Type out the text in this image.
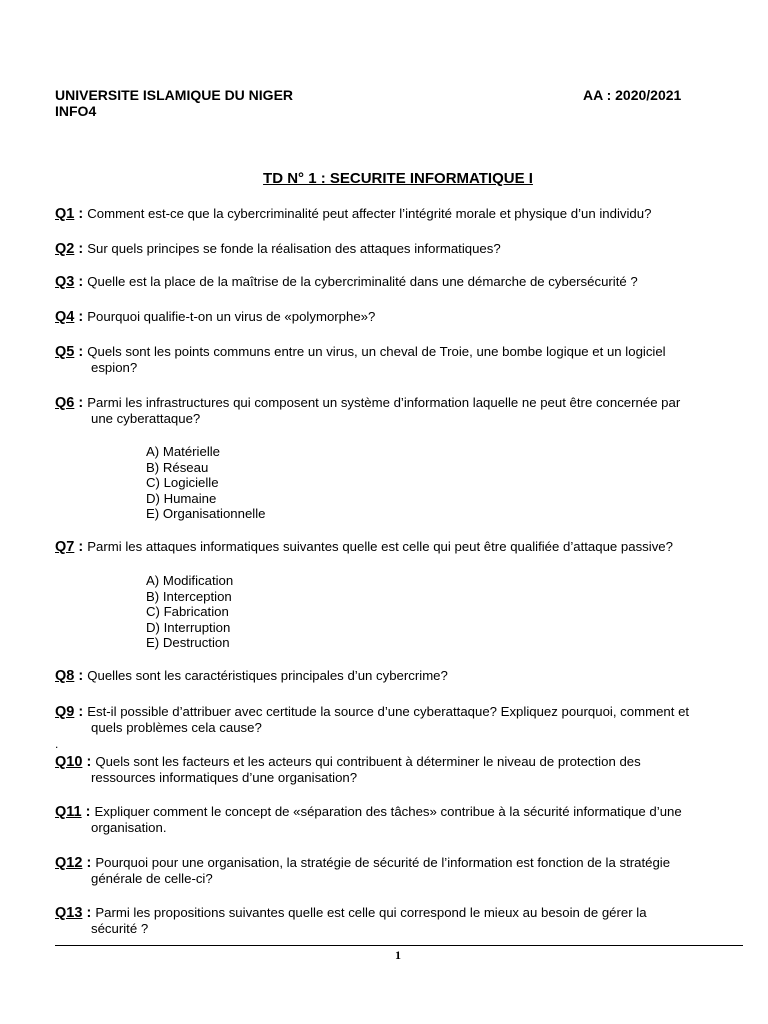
UNIVERSITE ISLAMIQUE DU NIGER
INFO4
AA : 2020/2021
TD N° 1 : SECURITE INFORMATIQUE I
Q1 : Comment est-ce que la cybercriminalité peut affecter l’intégrité morale et physique d’un individu?
Q2 : Sur quels principes se fonde la réalisation des attaques informatiques?
Q3 : Quelle est la place de la maîtrise de la cybercriminalité dans une démarche de cybersécurité ?
Q4 : Pourquoi qualifie-t-on un virus de «polymorphe»?
Q5 : Quels sont les points communs entre un virus, un cheval de Troie, une bombe logique et un logiciel
espion?
Q6 : Parmi les infrastructures qui composent un système d’information laquelle ne peut être concernée par
une cyberattaque?
A) Matérielle
B) Réseau
C) Logicielle
D) Humaine
E) Organisationnelle
Q7 : Parmi les attaques informatiques suivantes quelle est celle qui peut être qualifiée d’attaque passive?
A) Modification
B) Interception
C) Fabrication
D) Interruption
E) Destruction
Q8 : Quelles sont les caractéristiques principales d’un cybercrime?
Q9 : Est-il possible d’attribuer avec certitude la source d’une cyberattaque? Expliquez pourquoi, comment et
quels problèmes cela cause?
.
Q10 : Quels sont les facteurs et les acteurs qui contribuent à déterminer le niveau de protection des
ressources informatiques d’une organisation?
Q11 : Expliquer comment le concept de «séparation des tâches» contribue à la sécurité informatique d’une
organisation.
Q12 : Pourquoi pour une organisation, la stratégie de sécurité de l’information est fonction de la stratégie
générale de celle-ci?
Q13 : Parmi les propositions suivantes quelle est celle qui correspond le mieux au besoin de gérer la
sécurité ?
1
